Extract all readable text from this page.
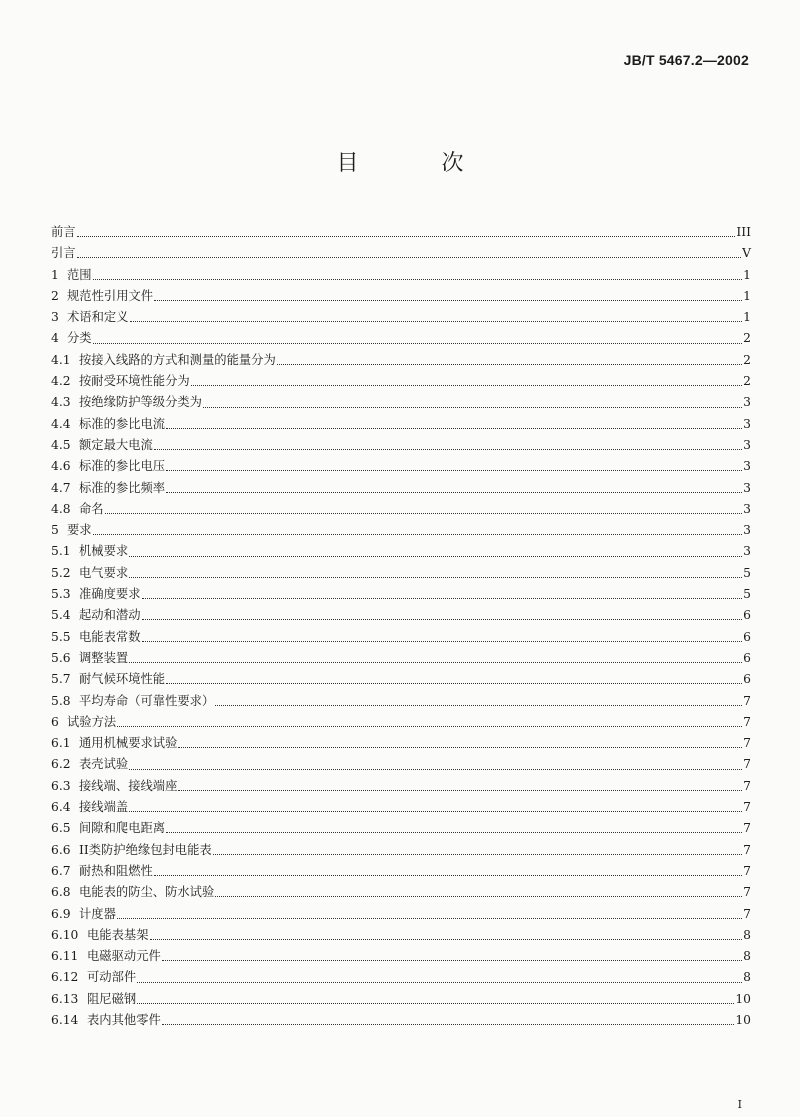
JB/T 5467.2—2002
目 次
前言	III
引言	V
1 范围	1
2 规范性引用文件	1
3 术语和定义	1
4 分类	2
4.1 按接入线路的方式和测量的能量分为	2
4.2 按耐受环境性能分为	2
4.3 按绝缘防护等级分类为	3
4.4 标准的参比电流	3
4.5 额定最大电流	3
4.6 标准的参比电压	3
4.7 标准的参比频率	3
4.8 命名	3
5 要求	3
5.1 机械要求	3
5.2 电气要求	5
5.3 准确度要求	5
5.4 起动和潜动	6
5.5 电能表常数	6
5.6 调整装置	6
5.7 耐气候环境性能	6
5.8 平均寿命（可靠性要求）	7
6 试验方法	7
6.1 通用机械要求试验	7
6.2 表壳试验	7
6.3 接线端、接线端座	7
6.4 接线端盖	7
6.5 间隙和爬电距离	7
6.6 II类防护绝缘包封电能表	7
6.7 耐热和阻燃性	7
6.8 电能表的防尘、防水试验	7
6.9 计度器	7
6.10 电能表基架	8
6.11 电磁驱动元件	8
6.12 可动部件	8
6.13 阻尼磁钢	10
6.14 表内其他零件	10
I
